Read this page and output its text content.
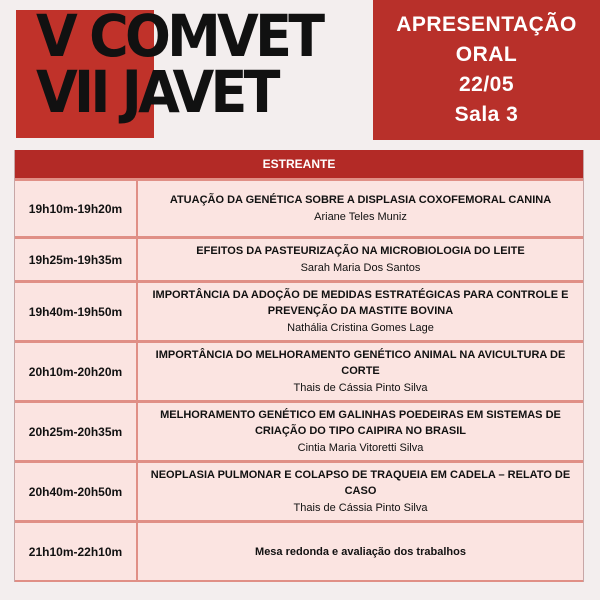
V COMVET
VII JAVET
APRESENTAÇÃO
ORAL
22/05
Sala 3
ESTREANTE
19h10m-19h20m
ATUAÇÃO DA GENÉTICA SOBRE A DISPLASIA COXOFEMORAL CANINA
Ariane Teles Muniz
19h25m-19h35m
EFEITOS DA PASTEURIZAÇÃO NA MICROBIOLOGIA DO LEITE
Sarah Maria Dos Santos
19h40m-19h50m
IMPORTÂNCIA DA ADOÇÃO DE MEDIDAS ESTRATÉGICAS PARA CONTROLE E PREVENÇÃO DA MASTITE BOVINA
Nathália Cristina Gomes Lage
20h10m-20h20m
IMPORTÂNCIA DO MELHORAMENTO GENÉTICO ANIMAL NA AVICULTURA DE CORTE
Thais de Cássia Pinto Silva
20h25m-20h35m
MELHORAMENTO GENÉTICO EM GALINHAS POEDEIRAS EM SISTEMAS DE CRIAÇÃO DO TIPO CAIPIRA NO BRASIL
Cintia Maria Vitoretti Silva
20h40m-20h50m
NEOPLASIA PULMONAR E COLAPSO DE TRAQUEIA EM CADELA – RELATO DE CASO
Thais de Cássia Pinto Silva
21h10m-22h10m	Mesa redonda e avaliação dos trabalhos
